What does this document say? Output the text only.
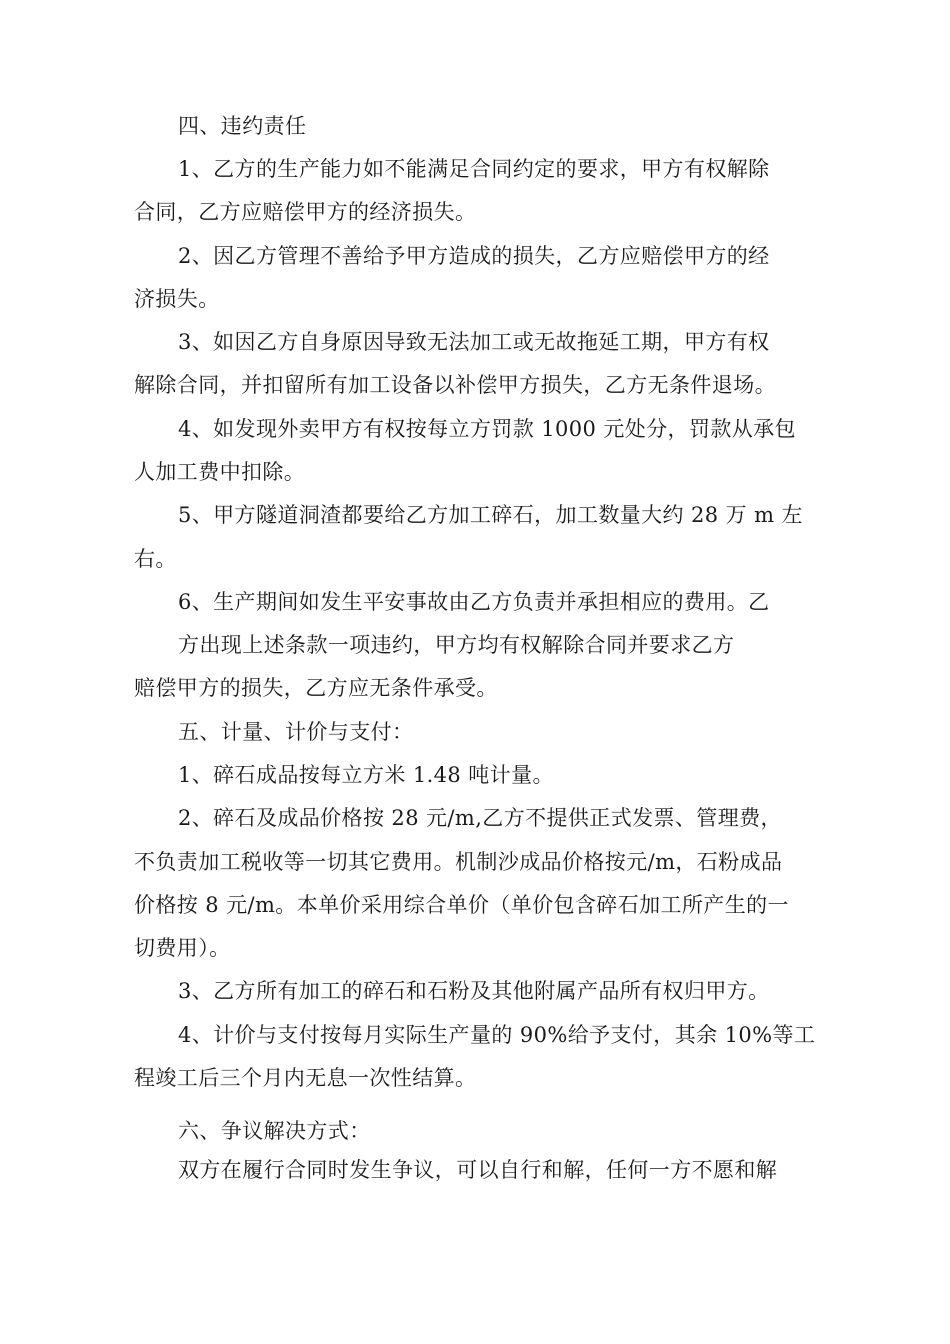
四、违约责任
1、乙方的生产能力如不能满足合同约定的要求，甲方有权解除
合同，乙方应赔偿甲方的经济损失。
2、因乙方管理不善给予甲方造成的损失，乙方应赔偿甲方的经
济损失。
3、如因乙方自身原因导致无法加工或无故拖延工期，甲方有权
解除合同，并扣留所有加工设备以补偿甲方损失，乙方无条件退场。
4、如发现外卖甲方有权按每立方罚款 1000 元处分，罚款从承包
人加工费中扣除。
5、甲方隧道洞渣都要给乙方加工碎石，加工数量大约 28 万 m 左
右。
6、生产期间如发生平安事故由乙方负责并承担相应的费用。乙
方出现上述条款一项违约，甲方均有权解除合同并要求乙方
赔偿甲方的损失，乙方应无条件承受。
五、计量、计价与支付：
1、碎石成品按每立方米 1.48 吨计量。
2、碎石及成品价格按 28 元/m,乙方不提供正式发票、管理费，
不负责加工税收等一切其它费用。机制沙成品价格按元/m，石粉成品
价格按 8 元/m。本单价采用综合单价（单价包含碎石加工所产生的一
切费用）。
3、乙方所有加工的碎石和石粉及其他附属产品所有权归甲方。
4、计价与支付按每月实际生产量的 90%给予支付，其余 10%等工
程竣工后三个月内无息一次性结算。
六、争议解决方式：
双方在履行合同时发生争议，可以自行和解，任何一方不愿和解
